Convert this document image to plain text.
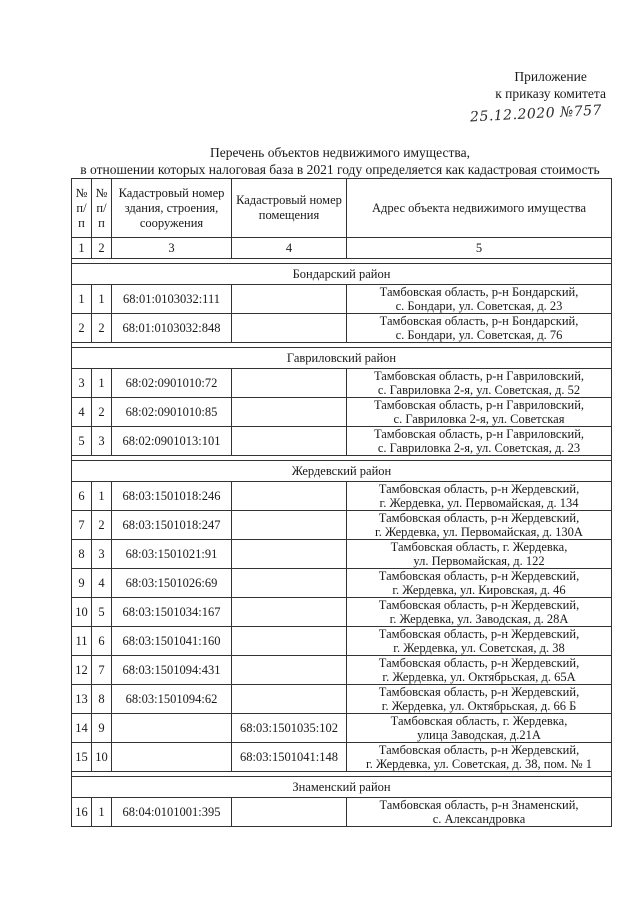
Приложение
к приказу комитета
25.12.2020 №757
Перечень объектов недвижимого имущества,
в отношении которых налоговая база в 2021 году определяется как кадастровая стоимость
№ п/п	№ п/п	Кадастровый номер здания, строения, сооружения	Кадастровый номер помещения	Адрес объекта недвижимого имущества
1	2	3	4	5

Бондарский район				
1	1	68:01:0103032:111		Тамбовская область, р-н Бондарский,
с. Бондари, ул. Советская, д. 23

2	2	68:01:0103032:848		Тамбовская область, р-н Бондарский,
с. Бондари, ул. Советская, д. 76

Гавриловский район				
3	1	68:02:0901010:72		Тамбовская область, р-н Гавриловский,
с. Гавриловка 2-я, ул. Советская, д. 52

4	2	68:02:0901010:85		Тамбовская область, р-н Гавриловский,
с. Гавриловка 2-я, ул. Советская

5	3	68:02:0901013:101		Тамбовская область, р-н Гавриловский,
с. Гавриловка 2-я, ул. Советская, д. 23

Жердевский район				
6	1	68:03:1501018:246		Тамбовская область, р-н Жердевский,
г. Жердевка, ул. Первомайская, д. 134

7	2	68:03:1501018:247		Тамбовская область, р-н Жердевский,
г. Жердевка, ул. Первомайская, д. 130А

8	3	68:03:1501021:91		Тамбовская область, г. Жердевка,
ул. Первомайская, д. 122

9	4	68:03:1501026:69		Тамбовская область, р-н Жердевский,
г. Жердевка, ул. Кировская, д. 46

10	5	68:03:1501034:167		Тамбовская область, р-н Жердевский,
г. Жердевка, ул. Заводская, д. 28А

11	6	68:03:1501041:160		Тамбовская область, р-н Жердевский,
г. Жердевка, ул. Советская, д. 38

12	7	68:03:1501094:431		Тамбовская область, р-н Жердевский,
г. Жердевка, ул. Октябрьская, д. 65А

13	8	68:03:1501094:62		Тамбовская область, р-н Жердевский,
г. Жердевка, ул. Октябрьская, д. 66 Б

14	9		68:03:1501035:102	Тамбовская область, г. Жердевка,
улица Заводская, д.21А

15	10		68:03:1501041:148	Тамбовская область, р-н Жердевский,
г. Жердевка, ул. Советская, д. 38, пом. № 1

Знаменский район				
16	1	68:04:0101001:395		Тамбовская область, р-н Знаменский,
с. Александровка
